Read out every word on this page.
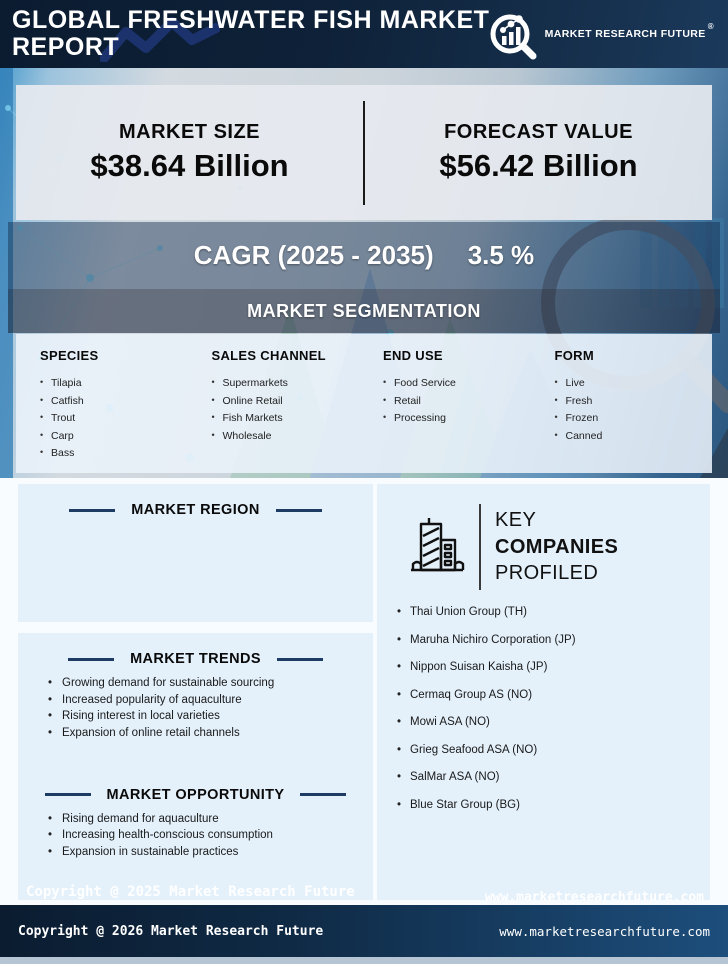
GLOBAL FRESHWATER FISH MARKET
REPORT	MARKET RESEARCH FUTURE®
MARKET SIZE
$38.64 Billion
FORECAST VALUE
$56.42 Billion
CAGR (2025 - 2035) 3.5 %
MARKET SEGMENTATION
SPECIES
• Tilapia
• Catfish
• Trout
• Carp
• Bass
SALES CHANNEL
• Supermarkets
• Online Retail
• Fish Markets
• Wholesale
END USE
• Food Service
• Retail
• Processing
FORM
• Live
• Fresh
• Frozen
• Canned
MARKET REGION
MARKET TRENDS
• Growing demand for sustainable sourcing
• Increased popularity of aquaculture
• Rising interest in local varieties
• Expansion of online retail channels
MARKET OPPORTUNITY
• Rising demand for aquaculture
• Increasing health-conscious consumption
• Expansion in sustainable practices
Copyright @ 2025 Market Research Future
KEY
COMPANIES
PROFILED
• Thai Union Group (TH)
• Maruha Nichiro Corporation (JP)
• Nippon Suisan Kaisha (JP)
• Cermaq Group AS (NO)
• Mowi ASA (NO)
• Grieg Seafood ASA (NO)
• SalMar ASA (NO)
• Blue Star Group (BG)
www.marketresearchfuture.com
Copyright @ 2026 Market Research Future	www.marketresearchfuture.com
